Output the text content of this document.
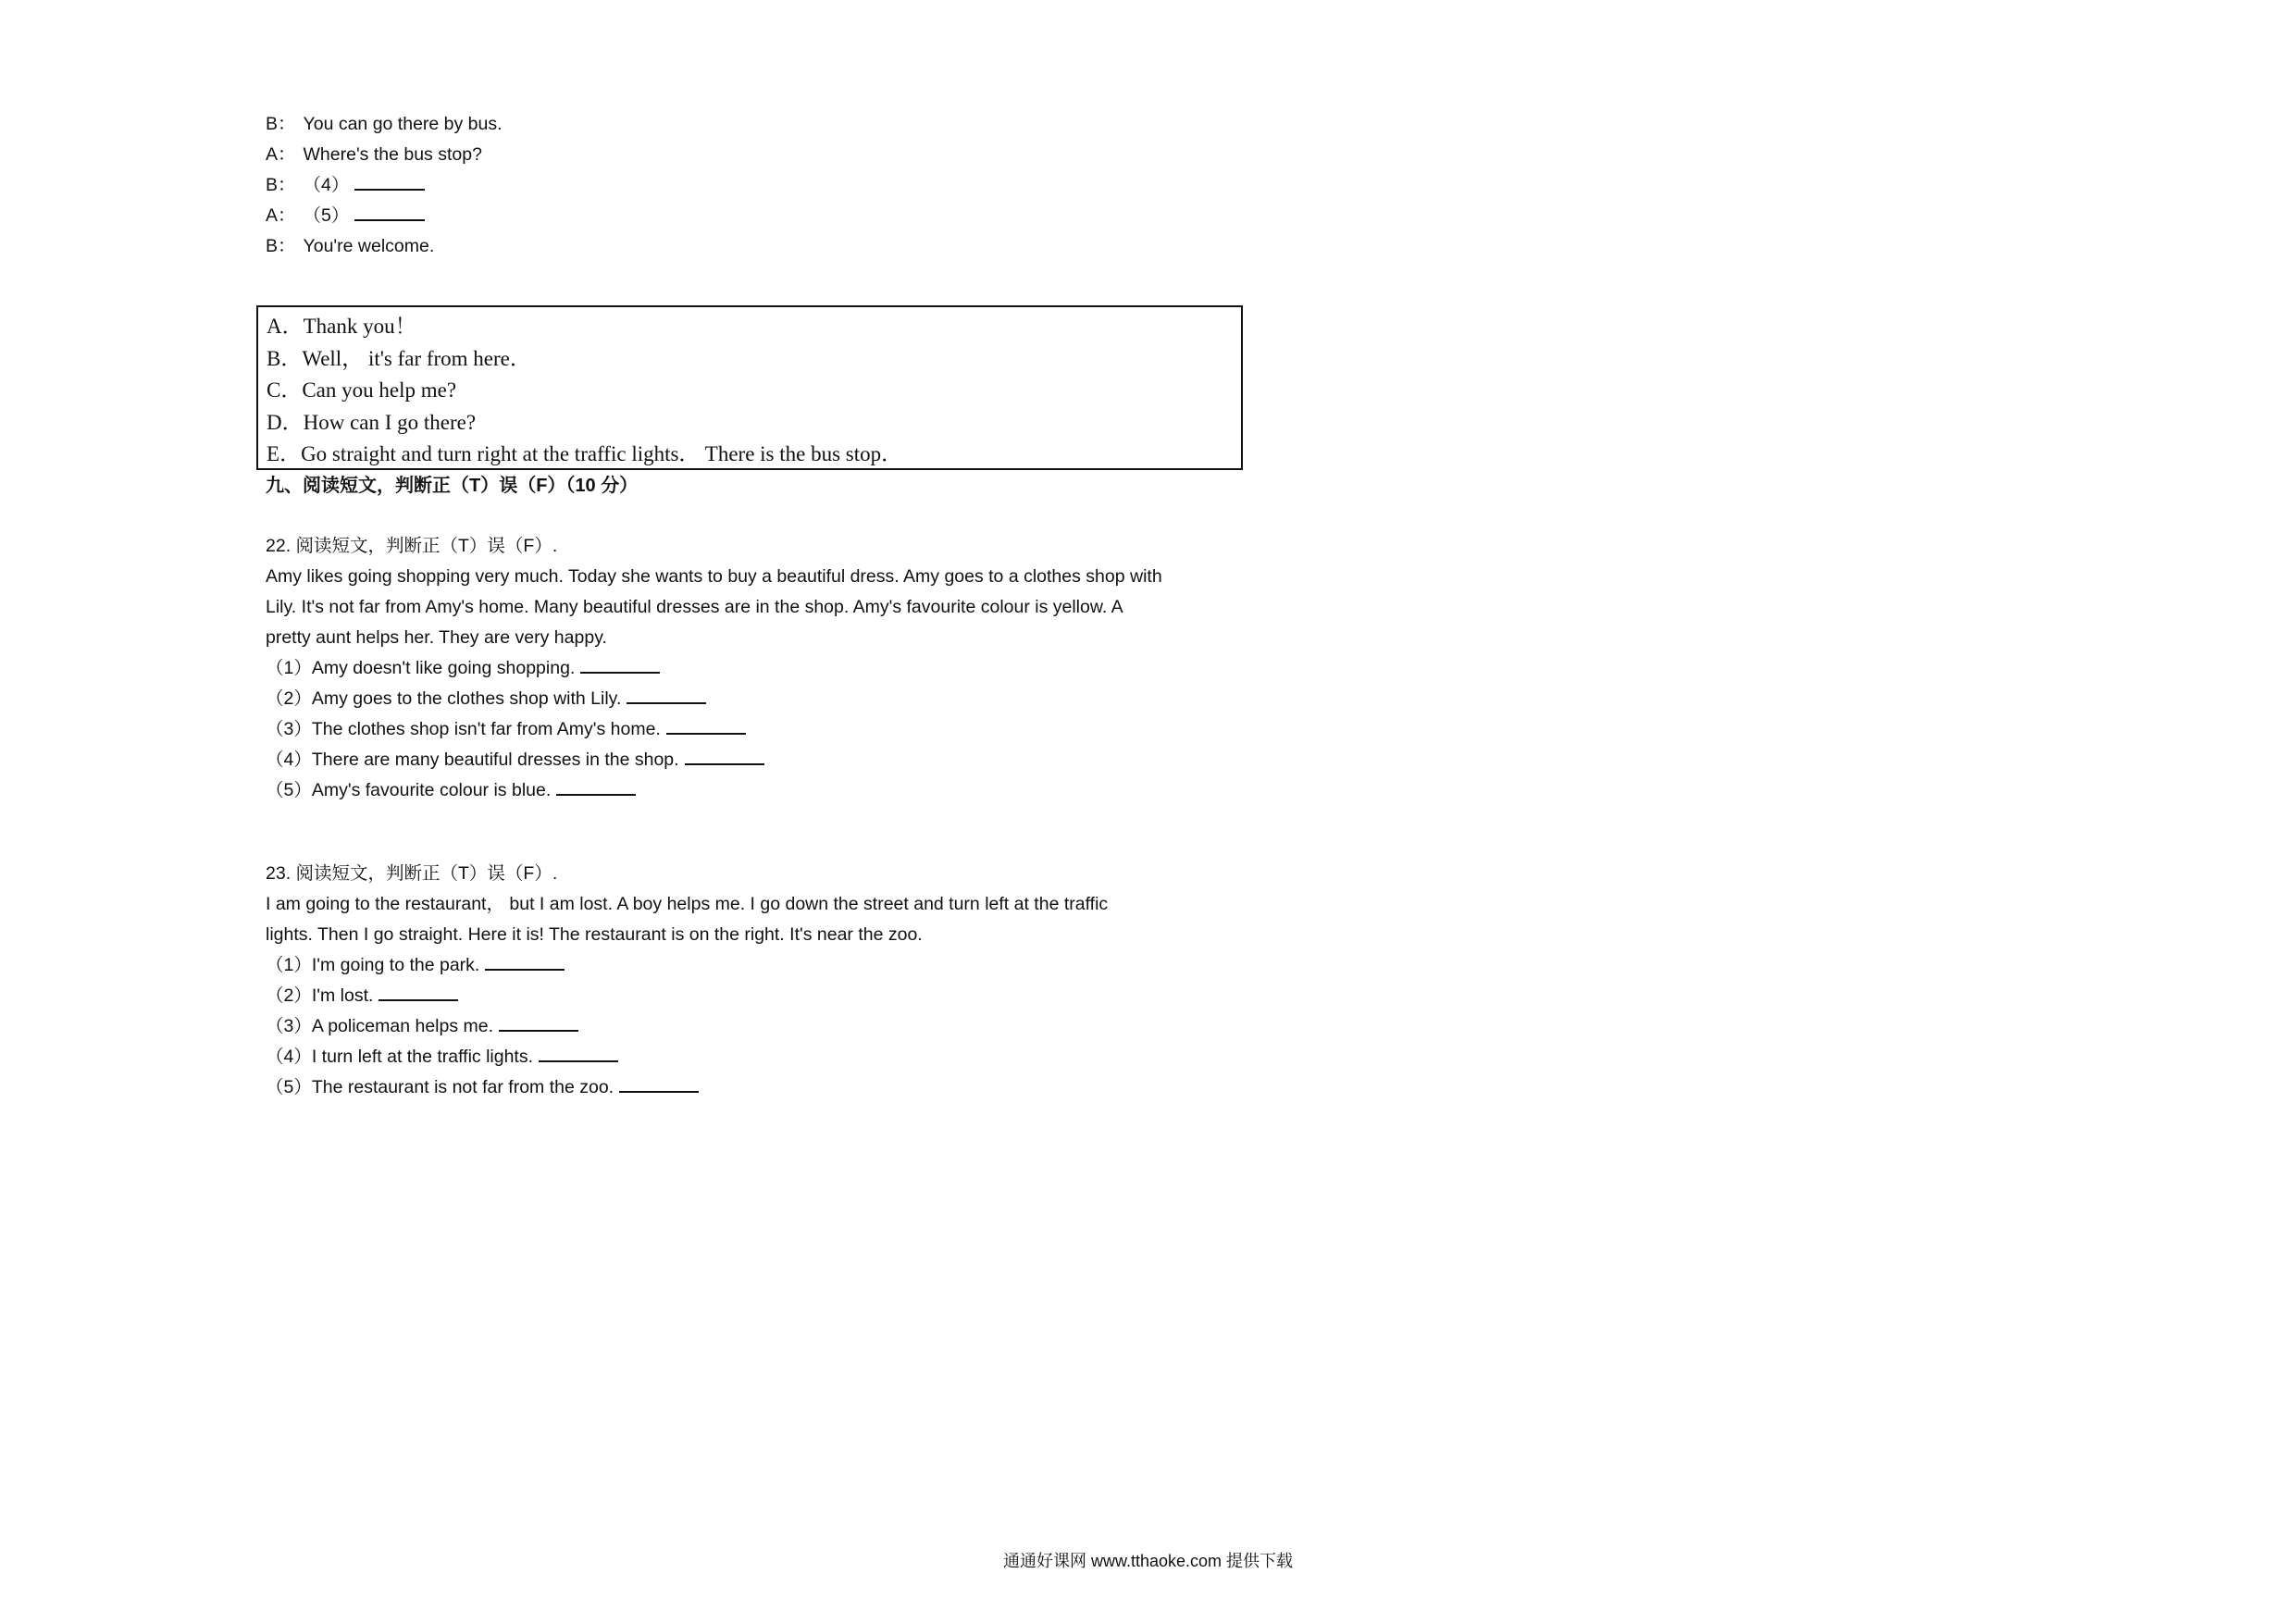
B： You can go there by bus.
A： Where's the bus stop?
B： （4）
A： （5）
B： You're welcome.
A．Thank you！
B．Well， it's far from here．
C．Can you help me?
D．How can I go there?
E．Go straight and turn right at the traffic lights． There is the bus stop．
九、阅读短文，判断正（T）误（F）（10 分）
22. 阅读短文，判断正（T）误（F）.
Amy likes going shopping very much. Today she wants to buy a beautiful dress. Amy goes to a clothes shop with
Lily. It's not far from Amy's home. Many beautiful dresses are in the shop. Amy's favourite colour is yellow. A
pretty aunt helps her. They are very happy.
（1）Amy doesn't like going shopping.
（2）Amy goes to the clothes shop with Lily.
（3）The clothes shop isn't far from Amy's home.
（4）There are many beautiful dresses in the shop.
（5）Amy's favourite colour is blue.
23. 阅读短文，判断正（T）误（F）.
I am going to the restaurant， but I am lost. A boy helps me. I go down the street and turn left at the traffic
lights. Then I go straight. Here it is! The restaurant is on the right. It's near the zoo.
（1）I'm going to the park.
（2）I'm lost.
（3）A policeman helps me.
（4）I turn left at the traffic lights.
（5）The restaurant is not far from the zoo.
通通好课网 www.tthaoke.com 提供下载
